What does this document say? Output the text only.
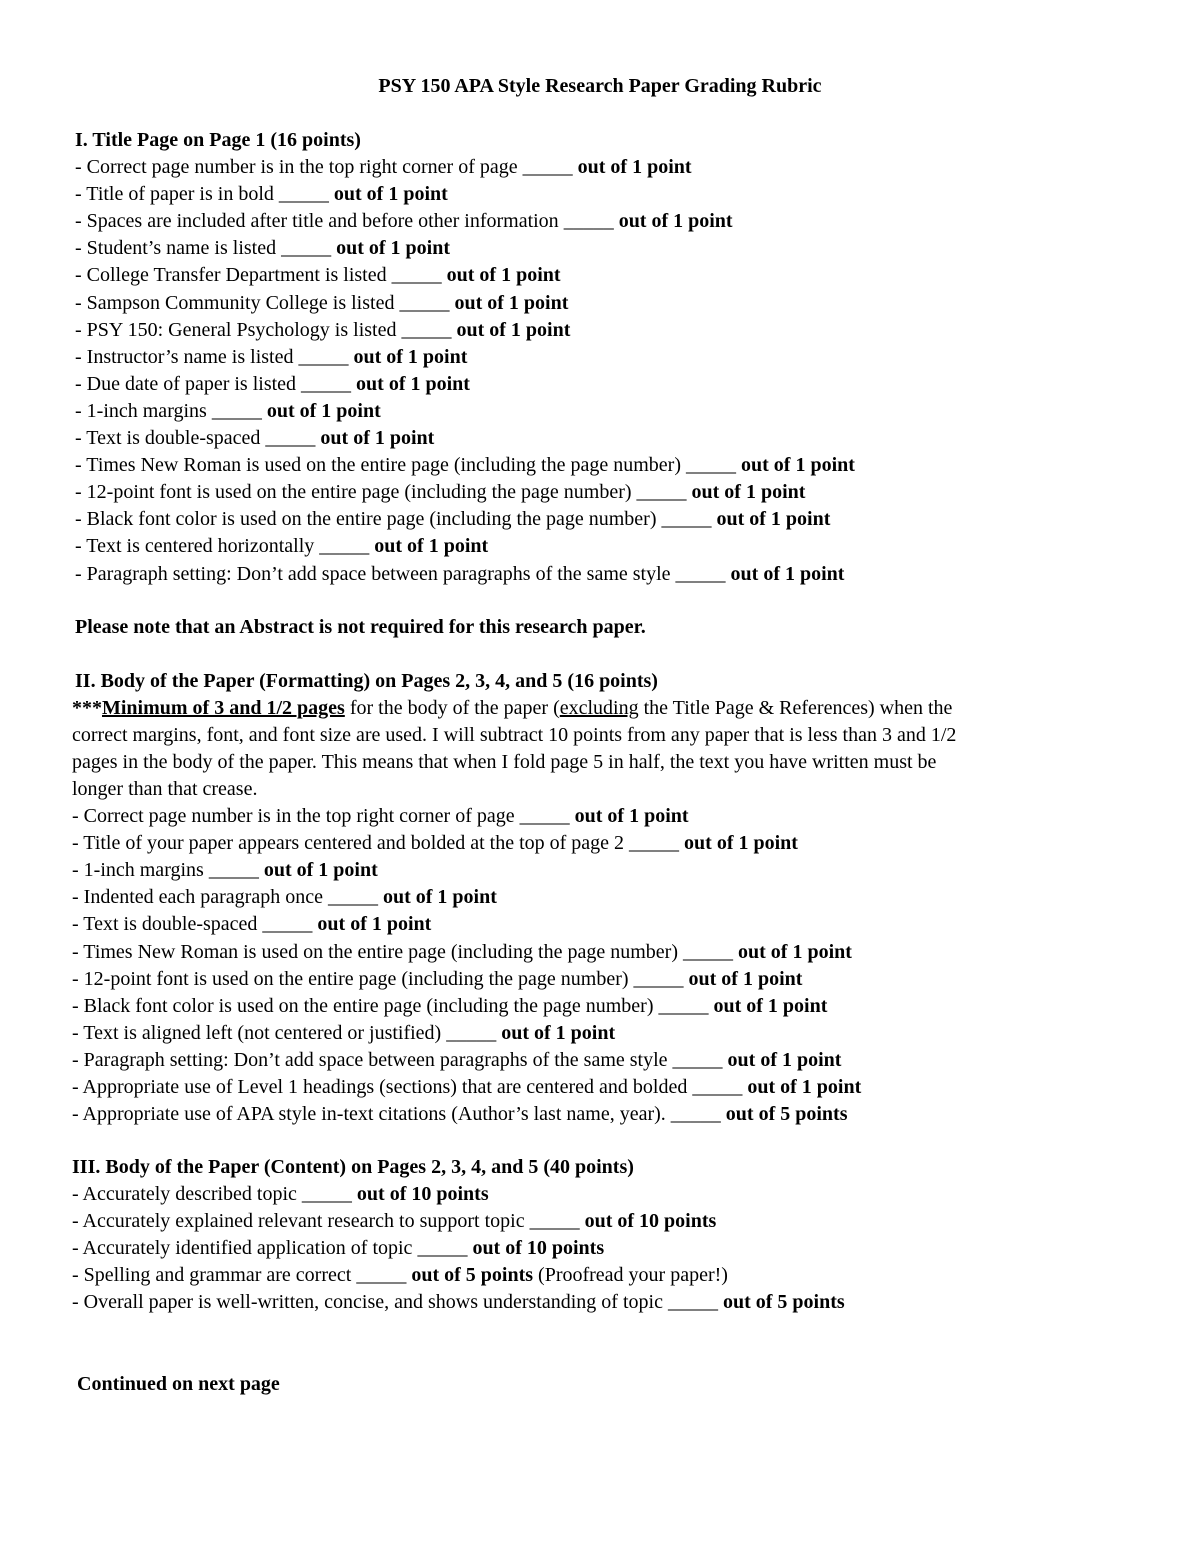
PSY 150 APA Style Research Paper Grading Rubric
I. Title Page on Page 1 (16 points)
- Correct page number is in the top right corner of page _____ out of 1 point
- Title of paper is in bold _____ out of 1 point
- Spaces are included after title and before other information _____ out of 1 point
- Student’s name is listed _____ out of 1 point
- College Transfer Department is listed _____ out of 1 point
- Sampson Community College is listed _____ out of 1 point
- PSY 150: General Psychology is listed _____ out of 1 point
- Instructor’s name is listed _____ out of 1 point
- Due date of paper is listed _____ out of 1 point
- 1-inch margins _____ out of 1 point
- Text is double-spaced _____ out of 1 point
- Times New Roman is used on the entire page (including the page number) _____ out of 1 point
- 12-point font is used on the entire page (including the page number) _____ out of 1 point
- Black font color is used on the entire page (including the page number) _____ out of 1 point
- Text is centered horizontally _____ out of 1 point
- Paragraph setting: Don’t add space between paragraphs of the same style _____ out of 1 point
Please note that an Abstract is not required for this research paper.
II. Body of the Paper (Formatting) on Pages 2, 3, 4, and 5 (16 points)
***Minimum of 3 and 1/2 pages for the body of the paper (excluding the Title Page & References) when the
correct margins, font, and font size are used. I will subtract 10 points from any paper that is less than 3 and 1/2
pages in the body of the paper. This means that when I fold page 5 in half, the text you have written must be
longer than that crease.
- Correct page number is in the top right corner of page _____ out of 1 point
- Title of your paper appears centered and bolded at the top of page 2 _____ out of 1 point
- 1-inch margins _____ out of 1 point
- Indented each paragraph once _____ out of 1 point
- Text is double-spaced _____ out of 1 point
- Times New Roman is used on the entire page (including the page number) _____ out of 1 point
- 12-point font is used on the entire page (including the page number) _____ out of 1 point
- Black font color is used on the entire page (including the page number) _____ out of 1 point
- Text is aligned left (not centered or justified) _____ out of 1 point
- Paragraph setting: Don’t add space between paragraphs of the same style _____ out of 1 point
- Appropriate use of Level 1 headings (sections) that are centered and bolded _____ out of 1 point
- Appropriate use of APA style in-text citations (Author’s last name, year). _____ out of 5 points
III. Body of the Paper (Content) on Pages 2, 3, 4, and 5 (40 points)
- Accurately described topic _____ out of 10 points
- Accurately explained relevant research to support topic _____ out of 10 points
- Accurately identified application of topic _____ out of 10 points
- Spelling and grammar are correct _____ out of 5 points (Proofread your paper!)
- Overall paper is well-written, concise, and shows understanding of topic _____ out of 5 points
Continued on next page
